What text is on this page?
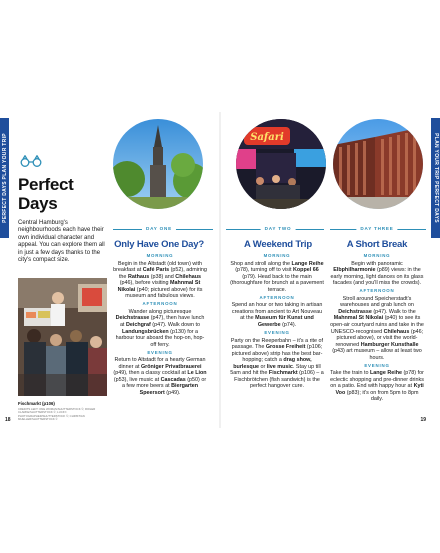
PERFECT DAYS PLAN YOUR TRIP	PLAN YOUR TRIP PERFECT DAYS
Perfect Days
Central Hamburg's neighbourhoods each have their own individual character and appeal. You can explore them all in just a few days thanks to the city's compact size.
Fischmarkt (p106)
CREDITS LEFT: ONE WOMAN/SHUTTERSTOCK ©; ROGER CLARKE/SHUTTERSTOCK ©; LUCKY-PHOTOGRAPHER/SHUTTERSTOCK ©; CHRISTIAN MUELLER/SHUTTERSTOCK ©
18	19
Safari
DAY ONE	DAY TWO	DAY THREE
Only Have One Day?	A Weekend Trip	A Short Break
MORNING
Begin in the Altstadt (old town) with breakfast at Café Paris (p52), admiring the Rathaus (p38) and Chilehaus (p46), before visiting Mahnmal St Nikolai (p40; pictured above) for its museum and fabulous views.
AFTERNOON
Wander along picturesque Deichstrasse (p47), then have lunch at Deichgraf (p47). Walk down to Landungsbrücken (p130) for a harbour tour aboard the hop-on, hop-off ferry.
EVENING
Return to Altstadt for a hearty German dinner at Gröniger Privatbrauerei (p49), then a classy cocktail at Le Lion (p53), live music at Cascadas (p50) or a few more beers at Biergarten Speersort (p49).
MORNING
Shop and stroll along the Lange Reihe (p78), turning off to visit Koppel 66 (p79). Head back to the main (thoroughfare for brunch at a pavement terrace.
AFTERNOON
Spend an hour or two taking in artisan creations from ancient to Art Nouveau at the Museum für Kunst und Gewerbe (p74).
EVENING
Party on the Reeperbahn – it's a rite of passage. The Grosse Freiheit (p106; pictured above) strip has the best bar-hopping; catch a drag show, burlesque or live music. Stay up till 5am and hit the Fischmarkt (p106) – a Fischbrötchen (fish sandwich) is the perfect hangover cure.
MORNING
Begin with panoramic Elbphilharmonie (p89) views: in the early morning, light dances on its glass facades (and you'll miss the crowds).
AFTERNOON
Stroll around Speicherstadt's warehouses and grab lunch on Deichstrasse (p47). Walk to the Mahnmal St Nikolai (p40) to see its open-air courtyard ruins and take in the UNESCO-recognised Chilehaus (p46; pictured above), or visit the world-renowned Hamburger Kunsthalle (p43) art museum – allow at least two hours.
EVENING
Take the train to Lange Reihe (p78) for eclectic shopping and pre-dinner drinks on a patio. End with happy hour at Kyti Voo (p83); it's on from 5pm to 8pm daily.
